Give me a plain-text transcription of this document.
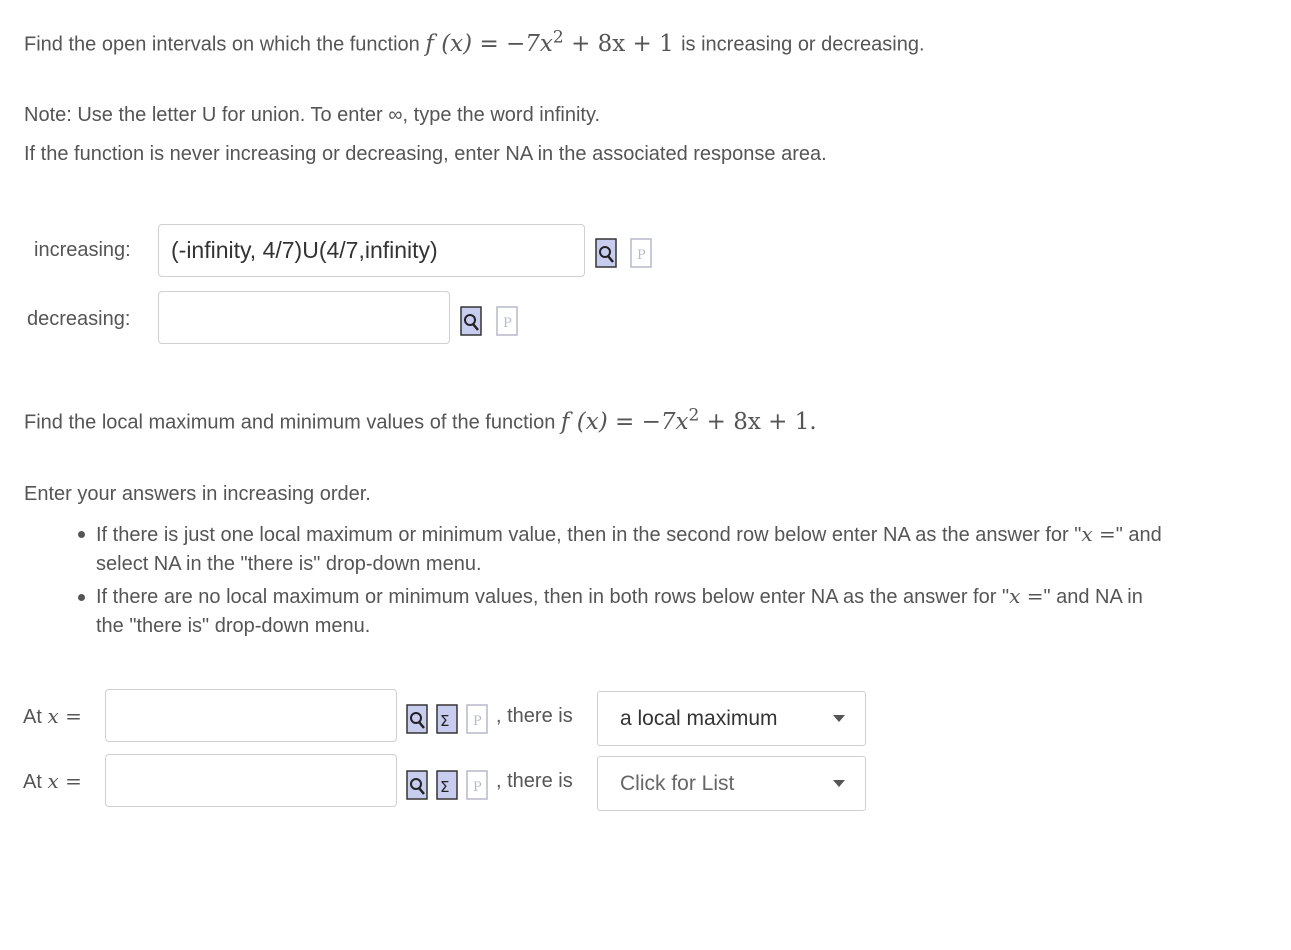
Find the open intervals on which the function f $(x) = -7x^2 + 8x + 1$ is increasing or decreasing.
Note: Use the letter U for union. To enter ∞, type the word infinity.
If the function is never increasing or decreasing, enter NA in the associated response area.
increasing: (-infinity, 4/7)U(4/7,infinity)	P
decreasing:	P
Find the local maximum and minimum values of the function f $(x) = -7x^2 + 8x + 1$.
Enter your answers in increasing order.
If there is just one local maximum or minimum value, then in the second row below enter NA as the answer for "x =" and
select NA in the "there is" drop-down menu.
If there are no local maximum or minimum values, then in both rows below enter NA as the answer for "x =" and NA in
the "there is" drop-down menu.
At x =	Σ P , there is a local maximum
At x =	Σ P , there is Click for List
